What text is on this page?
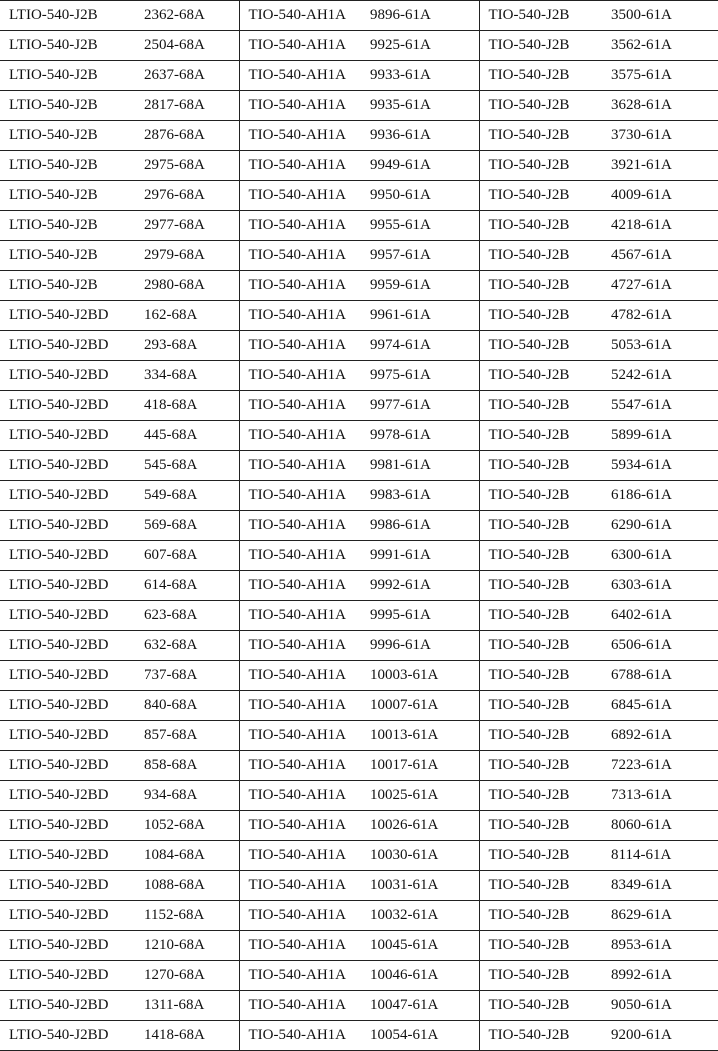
LTIO-540-J2B	2362-68A	TIO-540-AH1A	9896-61A	TIO-540-J2B	3500-61A
LTIO-540-J2B	2504-68A	TIO-540-AH1A	9925-61A	TIO-540-J2B	3562-61A
LTIO-540-J2B	2637-68A	TIO-540-AH1A	9933-61A	TIO-540-J2B	3575-61A
LTIO-540-J2B	2817-68A	TIO-540-AH1A	9935-61A	TIO-540-J2B	3628-61A
LTIO-540-J2B	2876-68A	TIO-540-AH1A	9936-61A	TIO-540-J2B	3730-61A
LTIO-540-J2B	2975-68A	TIO-540-AH1A	9949-61A	TIO-540-J2B	3921-61A
LTIO-540-J2B	2976-68A	TIO-540-AH1A	9950-61A	TIO-540-J2B	4009-61A
LTIO-540-J2B	2977-68A	TIO-540-AH1A	9955-61A	TIO-540-J2B	4218-61A
LTIO-540-J2B	2979-68A	TIO-540-AH1A	9957-61A	TIO-540-J2B	4567-61A
LTIO-540-J2B	2980-68A	TIO-540-AH1A	9959-61A	TIO-540-J2B	4727-61A
LTIO-540-J2BD	162-68A	TIO-540-AH1A	9961-61A	TIO-540-J2B	4782-61A
LTIO-540-J2BD	293-68A	TIO-540-AH1A	9974-61A	TIO-540-J2B	5053-61A
LTIO-540-J2BD	334-68A	TIO-540-AH1A	9975-61A	TIO-540-J2B	5242-61A
LTIO-540-J2BD	418-68A	TIO-540-AH1A	9977-61A	TIO-540-J2B	5547-61A
LTIO-540-J2BD	445-68A	TIO-540-AH1A	9978-61A	TIO-540-J2B	5899-61A
LTIO-540-J2BD	545-68A	TIO-540-AH1A	9981-61A	TIO-540-J2B	5934-61A
LTIO-540-J2BD	549-68A	TIO-540-AH1A	9983-61A	TIO-540-J2B	6186-61A
LTIO-540-J2BD	569-68A	TIO-540-AH1A	9986-61A	TIO-540-J2B	6290-61A
LTIO-540-J2BD	607-68A	TIO-540-AH1A	9991-61A	TIO-540-J2B	6300-61A
LTIO-540-J2BD	614-68A	TIO-540-AH1A	9992-61A	TIO-540-J2B	6303-61A
LTIO-540-J2BD	623-68A	TIO-540-AH1A	9995-61A	TIO-540-J2B	6402-61A
LTIO-540-J2BD	632-68A	TIO-540-AH1A	9996-61A	TIO-540-J2B	6506-61A
LTIO-540-J2BD	737-68A	TIO-540-AH1A	10003-61A	TIO-540-J2B	6788-61A
LTIO-540-J2BD	840-68A	TIO-540-AH1A	10007-61A	TIO-540-J2B	6845-61A
LTIO-540-J2BD	857-68A	TIO-540-AH1A	10013-61A	TIO-540-J2B	6892-61A
LTIO-540-J2BD	858-68A	TIO-540-AH1A	10017-61A	TIO-540-J2B	7223-61A
LTIO-540-J2BD	934-68A	TIO-540-AH1A	10025-61A	TIO-540-J2B	7313-61A
LTIO-540-J2BD	1052-68A	TIO-540-AH1A	10026-61A	TIO-540-J2B	8060-61A
LTIO-540-J2BD	1084-68A	TIO-540-AH1A	10030-61A	TIO-540-J2B	8114-61A
LTIO-540-J2BD	1088-68A	TIO-540-AH1A	10031-61A	TIO-540-J2B	8349-61A
LTIO-540-J2BD	1152-68A	TIO-540-AH1A	10032-61A	TIO-540-J2B	8629-61A
LTIO-540-J2BD	1210-68A	TIO-540-AH1A	10045-61A	TIO-540-J2B	8953-61A
LTIO-540-J2BD	1270-68A	TIO-540-AH1A	10046-61A	TIO-540-J2B	8992-61A
LTIO-540-J2BD	1311-68A	TIO-540-AH1A	10047-61A	TIO-540-J2B	9050-61A
LTIO-540-J2BD	1418-68A	TIO-540-AH1A	10054-61A	TIO-540-J2B	9200-61A
